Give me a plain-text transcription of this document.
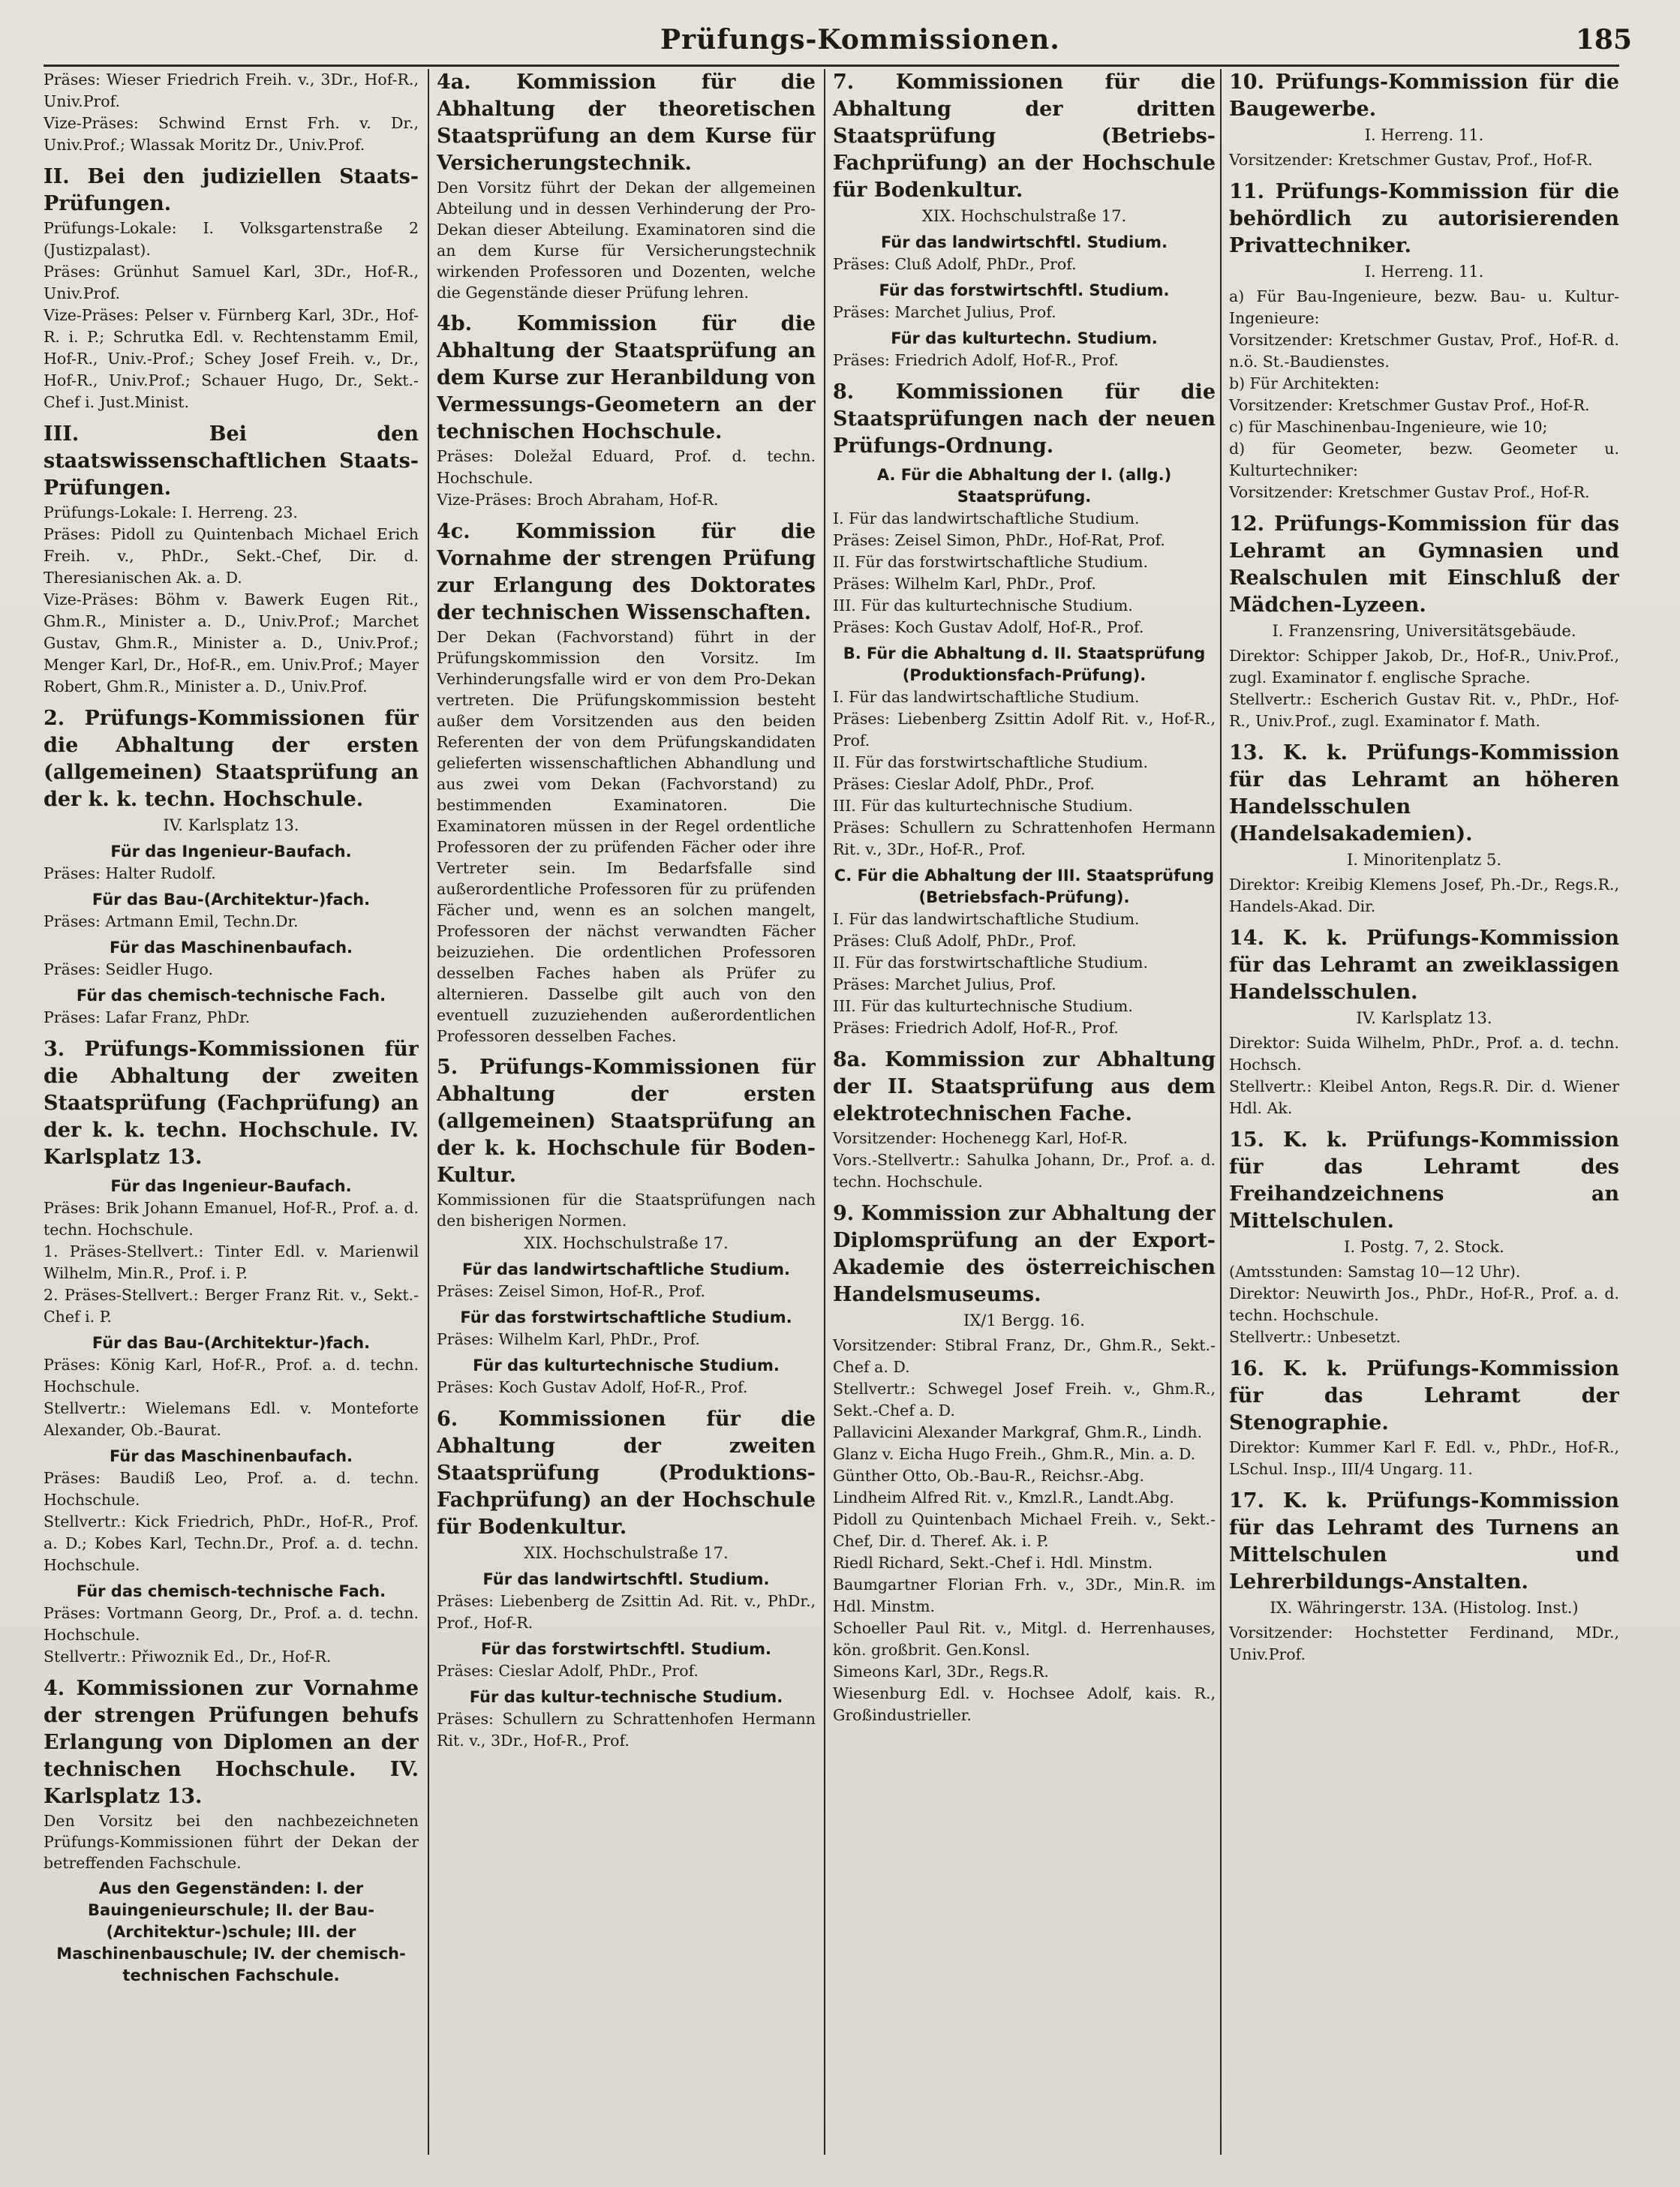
Prüfungs-Kommissionen.	185
Präses: Wieser Friedrich Freih. v., 3Dr., Hof-R., Univ.Prof.
Vize-Präses: Schwind Ernst Frh. v. Dr., Univ.Prof.; Wlassak Moritz Dr., Univ.Prof.
II. Bei den judiziellen Staats-Prüfungen.
Prüfungs-Lokale: I. Volksgartenstraße 2 (Justizpalast).
Präses: Grünhut Samuel Karl, 3Dr., Hof-R., Univ.Prof.
Vize-Präses: Pelser v. Fürnberg Karl, 3Dr., Hof-R. i. P.; Schrutka Edl. v. Rechtenstamm Emil, Hof-R., Univ.-Prof.; Schey Josef Freih. v., Dr., Hof-R., Univ.Prof.; Schauer Hugo, Dr., Sekt.-Chef i. Just.Minist.
III. Bei den staatswissenschaftlichen Staats-Prüfungen.
Prüfungs-Lokale: I. Herreng. 23.
Präses: Pidoll zu Quintenbach Michael Erich Freih. v., PhDr., Sekt.-Chef, Dir. d. Theresianischen Ak. a. D.
Vize-Präses: Böhm v. Bawerk Eugen Rit., Ghm.R., Minister a. D., Univ.Prof.; Marchet Gustav, Ghm.R., Minister a. D., Univ.Prof.; Menger Karl, Dr., Hof-R., em. Univ.Prof.; Mayer Robert, Ghm.R., Minister a. D., Univ.Prof.
2. Prüfungs-Kommissionen für die Abhaltung der ersten (allgemeinen) Staatsprüfung an der k. k. techn. Hochschule.
IV. Karlsplatz 13.
Für das Ingenieur-Baufach.
Präses: Halter Rudolf.
Für das Bau-(Architektur-)fach.
Präses: Artmann Emil, Techn.Dr.
Für das Maschinenbaufach.
Präses: Seidler Hugo.
Für das chemisch-technische Fach.
Präses: Lafar Franz, PhDr.
3. Prüfungs-Kommissionen für die Abhaltung der zweiten Staatsprüfung (Fachprüfung) an der k. k. techn. Hochschule. IV. Karlsplatz 13.
Für das Ingenieur-Baufach.
Präses: Brik Johann Emanuel, Hof-R., Prof. a. d. techn. Hochschule.
1. Präses-Stellvert.: Tinter Edl. v. Marienwil Wilhelm, Min.R., Prof. i. P.
2. Präses-Stellvert.: Berger Franz Rit. v., Sekt.-Chef i. P.
Für das Bau-(Architektur-)fach.
Präses: König Karl, Hof-R., Prof. a. d. techn. Hochschule.
Stellvertr.: Wielemans Edl. v. Monteforte Alexander, Ob.-Baurat.
Für das Maschinenbaufach.
Präses: Baudiß Leo, Prof. a. d. techn. Hochschule.
Stellvertr.: Kick Friedrich, PhDr., Hof-R., Prof. a. D.; Kobes Karl, Techn.Dr., Prof. a. d. techn. Hochschule.
Für das chemisch-technische Fach.
Präses: Vortmann Georg, Dr., Prof. a. d. techn. Hochschule.
Stellvertr.: Přiwoznik Ed., Dr., Hof-R.
4. Kommissionen zur Vornahme der strengen Prüfungen behufs Erlangung von Diplomen an der technischen Hochschule. IV. Karlsplatz 13.
Den Vorsitz bei den nachbezeichneten Prüfungs-Kommissionen führt der Dekan der betreffenden Fachschule.
Aus den Gegenständen: I. der Bauingenieurschule; II. der Bau-(Architektur-)schule; III. der Maschinenbauschule; IV. der chemisch-technischen Fachschule.
4a. Kommission für die Abhaltung der theoretischen Staatsprüfung an dem Kurse für Versicherungstechnik.
Den Vorsitz führt der Dekan der allgemeinen Abteilung und in dessen Verhinderung der Pro-Dekan dieser Abteilung. Examinatoren sind die an dem Kurse für Versicherungstechnik wirkenden Professoren und Dozenten, welche die Gegenstände dieser Prüfung lehren.
4b. Kommission für die Abhaltung der Staatsprüfung an dem Kurse zur Heranbildung von Vermessungs-Geometern an der technischen Hochschule.
Präses: Doležal Eduard, Prof. d. techn. Hochschule.
Vize-Präses: Broch Abraham, Hof-R.
4c. Kommission für die Vornahme der strengen Prüfung zur Erlangung des Doktorates der technischen Wissenschaften.
Der Dekan (Fachvorstand) führt in der Prüfungskommission den Vorsitz. Im Verhinderungsfalle wird er von dem Pro-Dekan vertreten. Die Prüfungskommission besteht außer dem Vorsitzenden aus den beiden Referenten der von dem Prüfungskandidaten gelieferten wissenschaftlichen Abhandlung und aus zwei vom Dekan (Fachvorstand) zu bestimmenden Examinatoren. Die Examinatoren müssen in der Regel ordentliche Professoren der zu prüfenden Fächer oder ihre Vertreter sein. Im Bedarfsfalle sind außerordentliche Professoren für zu prüfenden Fächer und, wenn es an solchen mangelt, Professoren der nächst verwandten Fächer beizuziehen. Die ordentlichen Professoren desselben Faches haben als Prüfer zu alternieren. Dasselbe gilt auch von den eventuell zuzuziehenden außerordentlichen Professoren desselben Faches.
5. Prüfungs-Kommissionen für Abhaltung der ersten (allgemeinen) Staatsprüfung an der k. k. Hochschule für Boden-Kultur.
Kommissionen für die Staatsprüfungen nach den bisherigen Normen.
XIX. Hochschulstraße 17.
Für das landwirtschaftliche Studium.
Präses: Zeisel Simon, Hof-R., Prof.
Für das forstwirtschaftliche Studium.
Präses: Wilhelm Karl, PhDr., Prof.
Für das kulturtechnische Studium.
Präses: Koch Gustav Adolf, Hof-R., Prof.
6. Kommissionen für die Abhaltung der zweiten Staatsprüfung (Produktions-Fachprüfung) an der Hochschule für Bodenkultur.
XIX. Hochschulstraße 17.
Für das landwirtschftl. Studium.
Präses: Liebenberg de Zsittin Ad. Rit. v., PhDr., Prof., Hof-R.
Für das forstwirtschftl. Studium.
Präses: Cieslar Adolf, PhDr., Prof.
Für das kultur-technische Studium.
Präses: Schullern zu Schrattenhofen Hermann Rit. v., 3Dr., Hof-R., Prof.
7. Kommissionen für die Abhaltung der dritten Staatsprüfung (Betriebs-Fachprüfung) an der Hochschule für Bodenkultur.
XIX. Hochschulstraße 17.
Für das landwirtschftl. Studium.
Präses: Cluß Adolf, PhDr., Prof.
Für das forstwirtschftl. Studium.
Präses: Marchet Julius, Prof.
Für das kulturtechn. Studium.
Präses: Friedrich Adolf, Hof-R., Prof.
8. Kommissionen für die Staatsprüfungen nach der neuen Prüfungs-Ordnung.
A. Für die Abhaltung der I. (allg.) Staatsprüfung.
I. Für das landwirtschaftliche Studium.
Präses: Zeisel Simon, PhDr., Hof-Rat, Prof.
II. Für das forstwirtschaftliche Studium.
Präses: Wilhelm Karl, PhDr., Prof.
III. Für das kulturtechnische Studium.
Präses: Koch Gustav Adolf, Hof-R., Prof.
B. Für die Abhaltung d. II. Staatsprüfung (Produktionsfach-Prüfung).
I. Für das landwirtschaftliche Studium.
Präses: Liebenberg Zsittin Adolf Rit. v., Hof-R., Prof.
II. Für das forstwirtschaftliche Studium.
Präses: Cieslar Adolf, PhDr., Prof.
III. Für das kulturtechnische Studium.
Präses: Schullern zu Schrattenhofen Hermann Rit. v., 3Dr., Hof-R., Prof.
C. Für die Abhaltung der III. Staatsprüfung (Betriebsfach-Prüfung).
I. Für das landwirtschaftliche Studium.
Präses: Cluß Adolf, PhDr., Prof.
II. Für das forstwirtschaftliche Studium.
Präses: Marchet Julius, Prof.
III. Für das kulturtechnische Studium.
Präses: Friedrich Adolf, Hof-R., Prof.
8a. Kommission zur Abhaltung der II. Staatsprüfung aus dem elektrotechnischen Fache.
Vorsitzender: Hochenegg Karl, Hof-R.
Vors.-Stellvertr.: Sahulka Johann, Dr., Prof. a. d. techn. Hochschule.
9. Kommission zur Abhaltung der Diplomsprüfung an der Export-Akademie des österreichischen Handelsmuseums.
IX/1 Bergg. 16.
Vorsitzender: Stibral Franz, Dr., Ghm.R., Sekt.-Chef a. D.
Stellvertr.: Schwegel Josef Freih. v., Ghm.R., Sekt.-Chef a. D.
Pallavicini Alexander Markgraf, Ghm.R., Lindh.
Glanz v. Eicha Hugo Freih., Ghm.R., Min. a. D.
Günther Otto, Ob.-Bau-R., Reichsr.-Abg.
Lindheim Alfred Rit. v., Kmzl.R., Landt.Abg.
Pidoll zu Quintenbach Michael Freih. v., Sekt.-Chef, Dir. d. Theref. Ak. i. P.
Riedl Richard, Sekt.-Chef i. Hdl. Minstm.
Baumgartner Florian Frh. v., 3Dr., Min.R. im Hdl. Minstm.
Schoeller Paul Rit. v., Mitgl. d. Herrenhauses, kön. großbrit. Gen.Konsl.
Simeons Karl, 3Dr., Regs.R.
Wiesenburg Edl. v. Hochsee Adolf, kais. R., Großindustrieller.
10. Prüfungs-Kommission für die Baugewerbe.
I. Herreng. 11.
Vorsitzender: Kretschmer Gustav, Prof., Hof-R.
11. Prüfungs-Kommission für die behördlich zu autorisierenden Privattechniker.
I. Herreng. 11.
a) Für Bau-Ingenieure, bezw. Bau- u. Kultur-Ingenieure:
Vorsitzender: Kretschmer Gustav, Prof., Hof-R. d. n.ö. St.-Baudienstes.
b) Für Architekten:
Vorsitzender: Kretschmer Gustav Prof., Hof-R.
c) für Maschinenbau-Ingenieure, wie 10;
d) für Geometer, bezw. Geometer u. Kulturtechniker:
Vorsitzender: Kretschmer Gustav Prof., Hof-R.
12. Prüfungs-Kommission für das Lehramt an Gymnasien und Realschulen mit Einschluß der Mädchen-Lyzeen.
I. Franzensring, Universitätsgebäude.
Direktor: Schipper Jakob, Dr., Hof-R., Univ.Prof., zugl. Examinator f. englische Sprache.
Stellvertr.: Escherich Gustav Rit. v., PhDr., Hof-R., Univ.Prof., zugl. Examinator f. Math.
13. K. k. Prüfungs-Kommission für das Lehramt an höheren Handelsschulen (Handelsakademien).
I. Minoritenplatz 5.
Direktor: Kreibig Klemens Josef, Ph.-Dr., Regs.R., Handels-Akad. Dir.
14. K. k. Prüfungs-Kommission für das Lehramt an zweiklassigen Handelsschulen.
IV. Karlsplatz 13.
Direktor: Suida Wilhelm, PhDr., Prof. a. d. techn. Hochsch.
Stellvertr.: Kleibel Anton, Regs.R. Dir. d. Wiener Hdl. Ak.
15. K. k. Prüfungs-Kommission für das Lehramt des Freihandzeichnens an Mittelschulen.
I. Postg. 7, 2. Stock.
(Amtsstunden: Samstag 10—12 Uhr).
Direktor: Neuwirth Jos., PhDr., Hof-R., Prof. a. d. techn. Hochschule.
Stellvertr.: Unbesetzt.
16. K. k. Prüfungs-Kommission für das Lehramt der Stenographie.
Direktor: Kummer Karl F. Edl. v., PhDr., Hof-R., LSchul. Insp., III/4 Ungarg. 11.
17. K. k. Prüfungs-Kommission für das Lehramt des Turnens an Mittelschulen und Lehrerbildungs-Anstalten.
IX. Währingerstr. 13A. (Histolog. Inst.)
Vorsitzender: Hochstetter Ferdinand, MDr., Univ.Prof.
